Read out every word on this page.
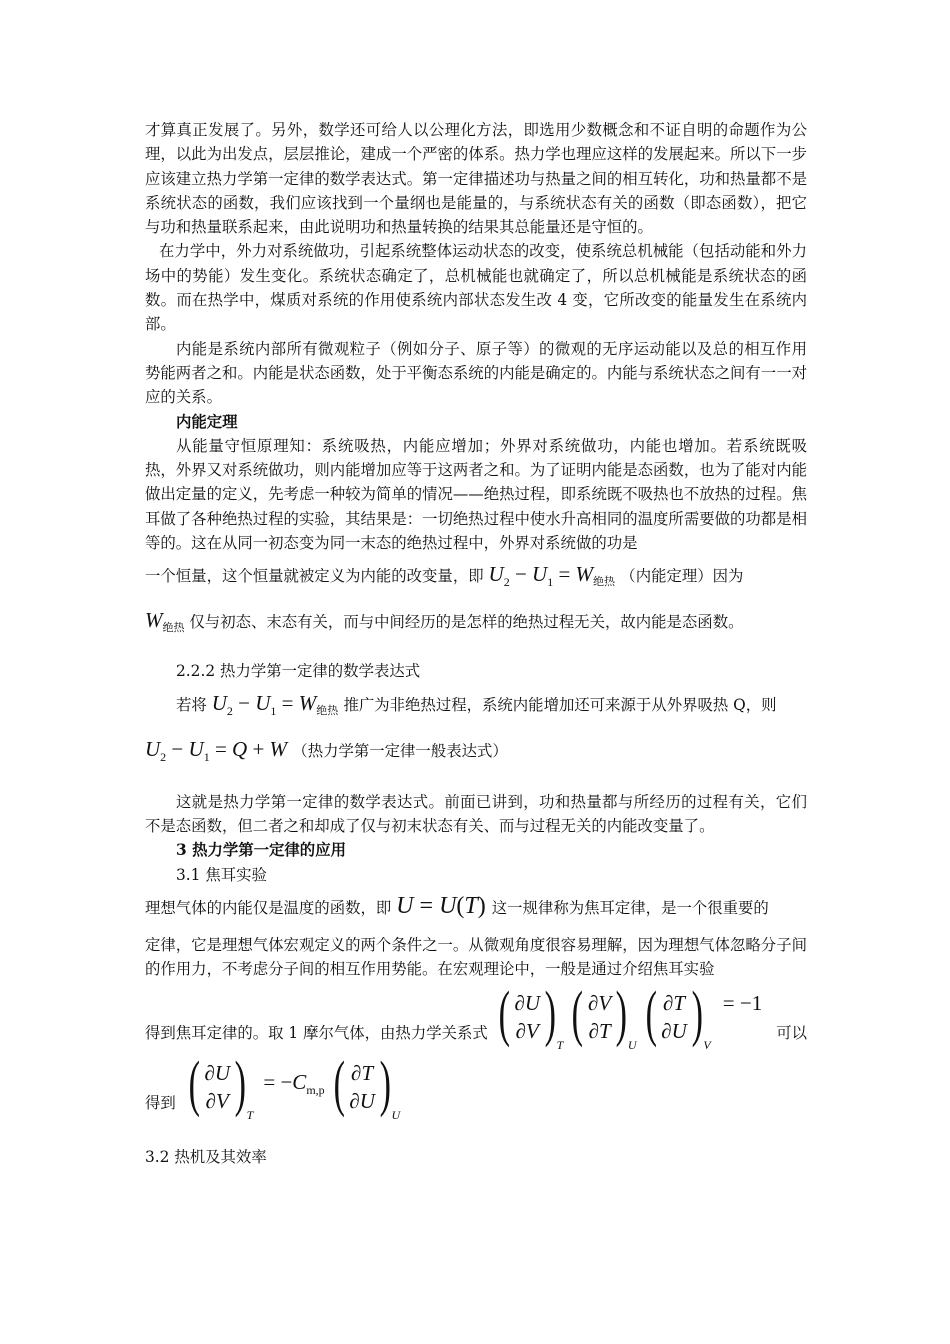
才算真正发展了。另外，数学还可给人以公理化方法，即选用少数概念和不证自明的命题作为公理，以此为出发点，层层推论，建成一个严密的体系。热力学也理应这样的发展起来。所以下一步应该建立热力学第一定律的数学表达式。第一定律描述功与热量之间的相互转化，功和热量都不是系统状态的函数，我们应该找到一个量纲也是能量的，与系统状态有关的函数（即态函数），把它与功和热量联系起来，由此说明功和热量转换的结果其总能量还是守恒的。

在力学中，外力对系统做功，引起系统整体运动状态的改变，使系统总机械能（包括动能和外力场中的势能）发生变化。系统状态确定了，总机械能也就确定了，所以总机械能是系统状态的函数。而在热学中，煤质对系统的作用使系统内部状态发生改 4 变，它所改变的能量发生在系统内部。

内能是系统内部所有微观粒子（例如分子、原子等）的微观的无序运动能以及总的相互作用势能两者之和。内能是状态函数，处于平衡态系统的内能是确定的。内能与系统状态之间有一一对应的关系。

内能定理

从能量守恒原理知：系统吸热，内能应增加；外界对系统做功，内能也增加。若系统既吸热，外界又对系统做功，则内能增加应等于这两者之和。为了证明内能是态函数，也为了能对内能做出定量的定义，先考虑一种较为简单的情况——绝热过程，即系统既不吸热也不放热的过程。焦耳做了各种绝热过程的实验，其结果是：一切绝热过程中使水升高相同的温度所需要做的功都是相等的。这在从同一初态变为同一末态的绝热过程中，外界对系统做的功是

一个恒量，这个恒量就被定义为内能的改变量，即 $U_2 - U_1 = W$绝热 （内能定理）因为

W绝热 仅与初态、末态有关，而与中间经历的是怎样的绝热过程无关，故内能是态函数。

2.2.2 热力学第一定律的数学表达式

若将 $U_2 - U_1 = W$绝热 推广为非绝热过程，系统内能增加还可来源于从外界吸热 Q，则

$U_2 - U_1 = Q + W$ （热力学第一定律一般表达式）

这就是热力学第一定律的数学表达式。前面已讲到，功和热量都与所经历的过程有关，它们不是态函数，但二者之和却成了仅与初末状态有关、而与过程无关的内能改变量了。

3 热力学第一定律的应用
3.1 焦耳实验

理想气体的内能仅是温度的函数，即 U = U(T) 这一规律称为焦耳定律，是一个很重要的

定律，它是理想气体宏观定义的两个条件之一。从微观角度很容易理解，因为理想气体忽略分子间的作用力，不考虑分子间的相互作用势能。在宏观理论中，一般是通过介绍焦耳实验

得到焦耳定律的。取 1 摩尔气体，由热力学关系式 ( ∂U
∂V )$_T$ ( ∂V
∂T )$_U$ ( ∂T
∂U )$_V$
= −1
可以
得到 ( ∂U
∂V )$_T$
= $-C_{m,p}$ ( ∂T
∂U )$_U$
3.2 热机及其效率
